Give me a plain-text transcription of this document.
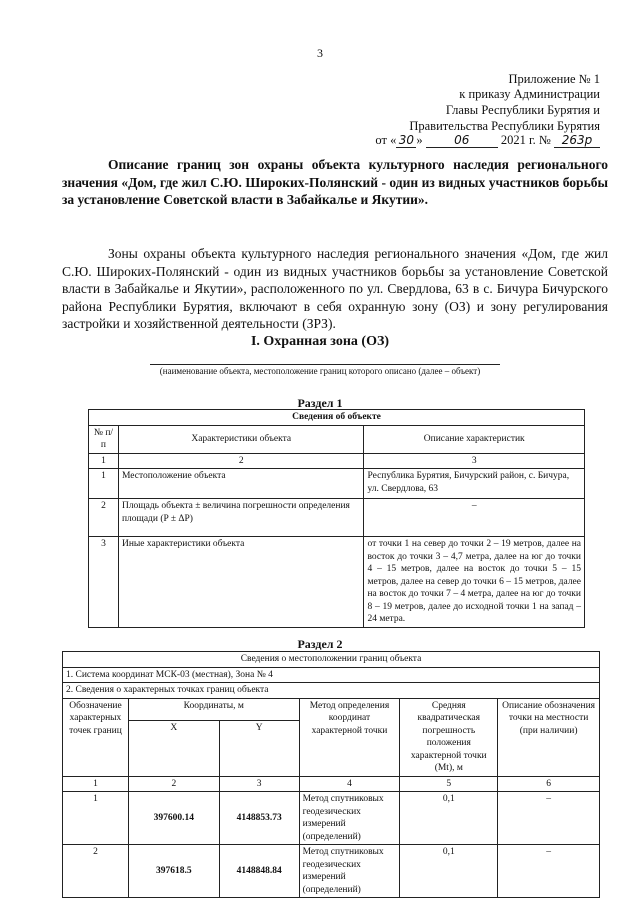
3
Приложение № 1
к приказу Администрации
Главы Республики Бурятия и
Правительства Республики Бурятия
от « 30 »	06	2021 г. № 263р
Описание границ зон охраны объекта культурного наследия регионального значения «Дом, где жил С.Ю. Широких-Полянский - один из видных участников борьбы за установление Советской власти в Забайкалье и Якутии».
Зоны охраны объекта культурного наследия регионального значения «Дом, где жил С.Ю. Широких-Полянский - один из видных участников борьбы за установление Советской власти в Забайкалье и Якутии», расположенного по ул. Свердлова, 63 в с. Бичура Бичурского района Республики Бурятия, включают в себя охранную зону (ОЗ) и зону регулирования застройки и хозяйственной деятельности (ЗРЗ).
I. Охранная зона (ОЗ)
(наименование объекта, местоположение границ которого описано (далее – объект)
Раздел 1
Сведения об объекте		
№ п/п	Характеристики объекта	Описание характеристик
1	2	3
1	Местоположение объекта	Республика Бурятия, Бичурский район, с. Бичура, ул. Свердлова, 63
2	Площадь объекта ± величина погрешности определения площади (P ± ΔP)	–
3	Иные характеристики объекта	от точки 1 на север до точки 2 – 19 метров, далее на восток до точки 3 – 4,7 метра, далее на юг до точки 4 – 15 метров, далее на восток до точки 5 – 15 метров, далее на север до точки 6 – 15 метров, далее на восток до точки 7 – 4 метра, далее на юг до точки 8 – 19 метров, далее до исходной точки 1 на запад – 24 метра.
Раздел 2
Сведения о местоположении границ объекта					
1. Система координат МСК-03 (местная), Зона № 4					
2. Сведения о характерных точках границ объекта					
Обозначение характерных точек границ	Координаты, м		Метод определения координат характерной точки	Средняя квадратическая погрешность положения характерной точки (Mt), м	Описание обозначения точки на местности (при наличии)
	X	Y			
1	2	3	4	5	6
1	397600.14	4148853.73	Метод спутниковых геодезических измерений (определений)	0,1	–
2	397618.5	4148848.84	Метод спутниковых геодезических измерений (определений)	0,1	–
